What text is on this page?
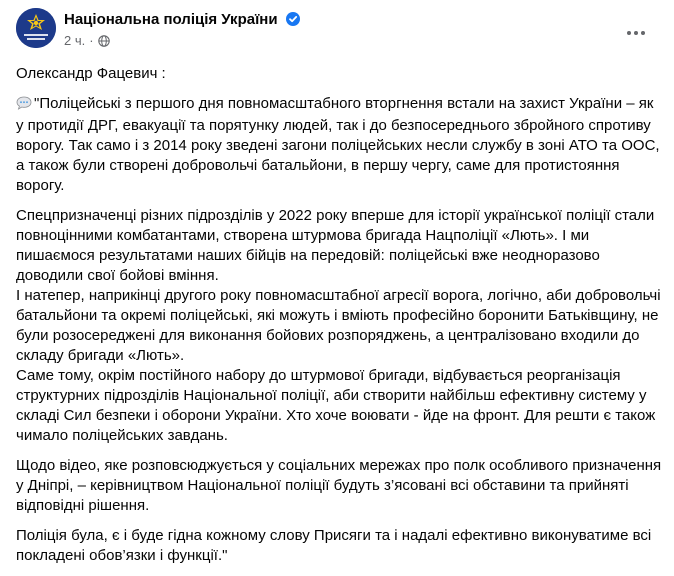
Національна поліція України
2 ч. ·
Олександр Фацевич :

"Поліцейські з першого дня повномасштабного вторгнення встали на захист України – як у протидії ДРГ, евакуації та порятунку людей, так і до безпосереднього збройного спротиву ворогу. Так само і з 2014 року зведені загони поліцейських несли службу в зоні АТО та ООС, а також були створені добровольчі батальйони, в першу чергу, саме для протистояння ворогу.

Спецпризначенці різних підрозділів у 2022 року вперше для історії української поліції стали повноцінними комбатантами, створена штурмова бригада Нацполіції «Лють». І ми пишаємося результатами наших бійців на передовій: поліцейські вже неодноразово доводили свої бойові вміння.
І натепер, наприкінці другого року повномасштабної агресії ворога, логічно, аби добровольчі батальйони та окремі поліцейські, які можуть і вміють професійно боронити Батьківщину, не були розосереджені для виконання бойових розпоряджень, а централізовано входили до складу бригади «Лють».
Саме тому, окрім постійного набору до штурмової бригади, відбувається реорганізація структурних підрозділів Національної поліції, аби створити найбільш ефективну систему у складі Сил безпеки і оборони України. Хто хоче воювати - йде на фронт. Для решти є також чимало поліцейських завдань.

Щодо відео, яке розповсюджується у соціальних мережах про полк особливого призначення у Дніпрі, – керівництвом Національної поліції будуть з’ясовані всі обставини та прийняті відповідні рішення.

Поліція була, є і буде гідна кожному слову Присяги та і надалі ефективно виконуватиме всі покладені обов’язки і функції."
